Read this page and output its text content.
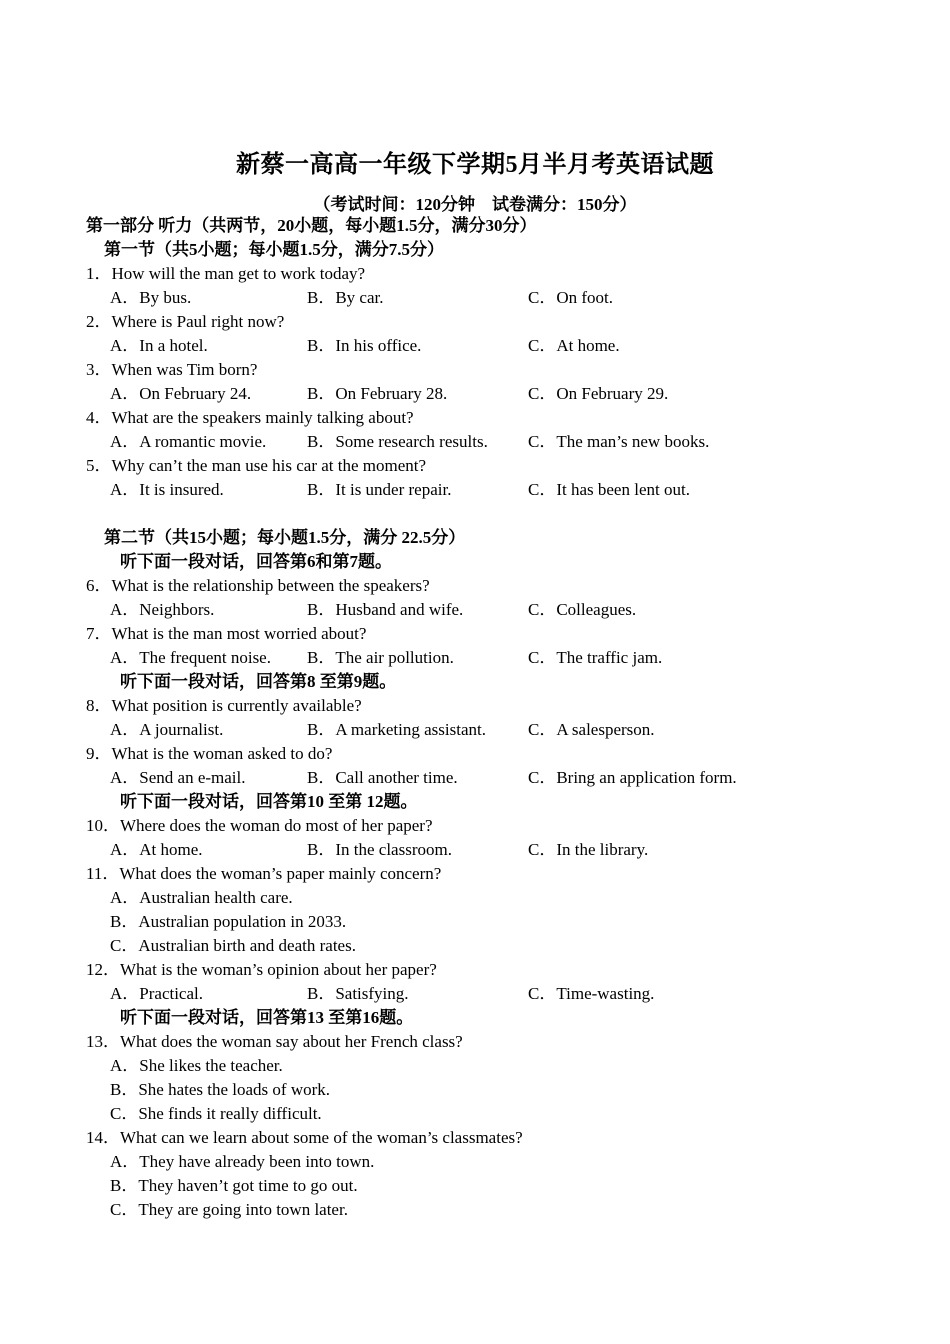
新蔡一高高一年级下学期5月半月考英语试题
（考试时间：120分钟　试卷满分：150分）
第一部分 听力（共两节，20小题，每小题1.5分，满分30分）
第一节（共5小题；每小题1.5分，满分7.5分）
1．How will the man get to work today?
A．By bus.	B．By car.	C．On foot.
2．Where is Paul right now?
A．In a hotel.	B．In his office.	C．At home.
3．When was Tim born?
A．On February 24.	B．On February 28.	C．On February 29.
4．What are the speakers mainly talking about?
A．A romantic movie. B．Some research results. C．The man’s new books.
5．Why can’t the man use his car at the moment?
A．It is insured.	B．It is under repair.	C．It has been lent out.
第二节（共15小题；每小题1.5分，满分 22.5分）
听下面一段对话，回答第6和第7题。
6．What is the relationship between the speakers?
A．Neighbors.	B．Husband and wife.	C．Colleagues.
7．What is the man most worried about?
A．The frequent noise. B．The air pollution.	C．The traffic jam.
听下面一段对话，回答第8 至第9题。
8．What position is currently available?
A．A journalist.	B．A marketing assistant. C．A salesperson.
9．What is the woman asked to do?
A．Send an e-mail.	B．Call another time.	C．Bring an application form.
听下面一段对话，回答第10 至第 12题。
10．Where does the woman do most of her paper?
A．At home.	B．In the classroom.	C．In the library.
11．What does the woman’s paper mainly concern?
A．Australian health care.
B．Australian population in 2033.
C．Australian birth and death rates.
12．What is the woman’s opinion about her paper?
A．Practical.	B．Satisfying.	C．Time-wasting.
听下面一段对话，回答第13 至第16题。
13．What does the woman say about her French class?
A．She likes the teacher.
B．She hates the loads of work.
C．She finds it really difficult.
14．What can we learn about some of the woman’s classmates?
A．They have already been into town.
B．They haven’t got time to go out.
C．They are going into town later.
